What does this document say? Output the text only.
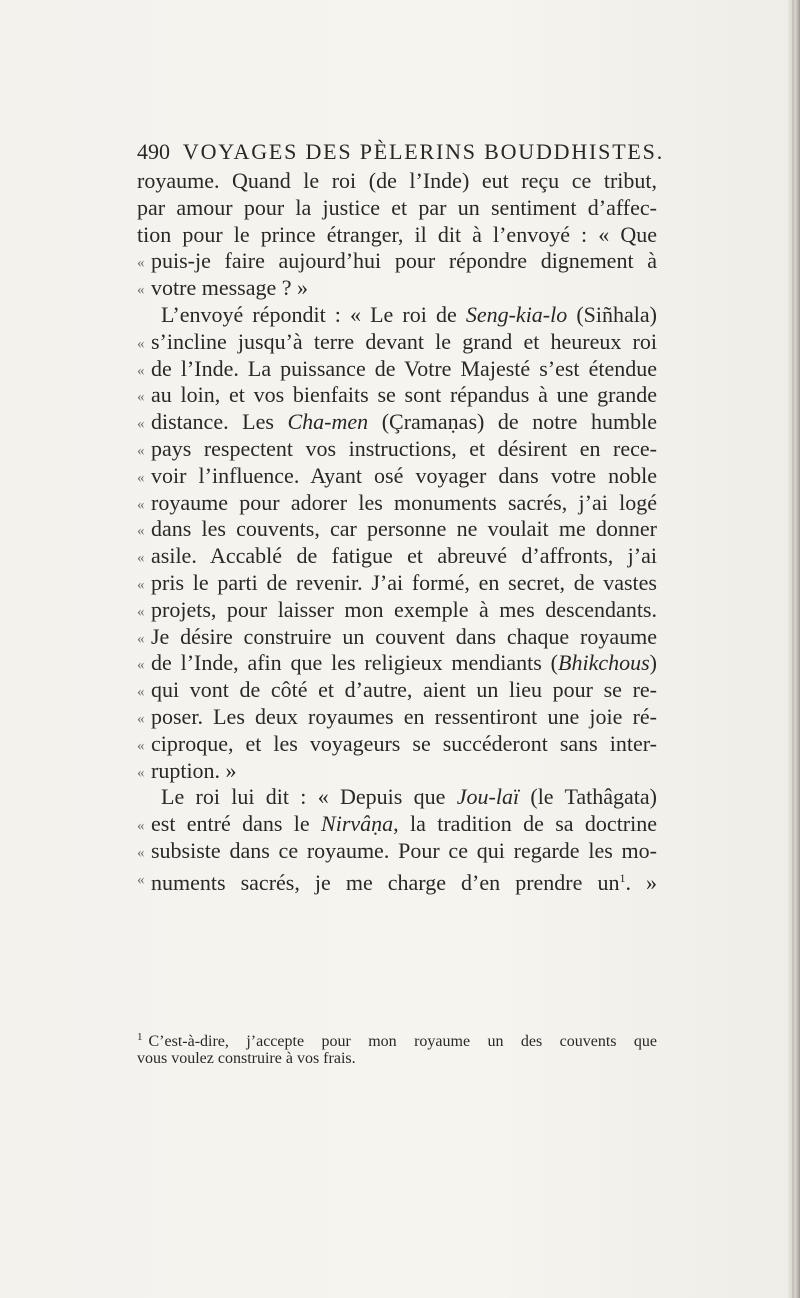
490 VOYAGES DES PÈLERINS BOUDDHISTES.
royaume. Quand le roi (de l’Inde) eut reçu ce tribut,
par amour pour la justice et par un sentiment d’affec-
tion pour le prince étranger, il dit à l’envoyé : « Que
« puis-je faire aujourd’hui pour répondre dignement à
« votre message ? »
L’envoyé répondit : « Le roi de Seng-kia-lo (Siñhala)
« s’incline jusqu’à terre devant le grand et heureux roi
« de l’Inde. La puissance de Votre Majesté s’est étendue
« au loin, et vos bienfaits se sont répandus à une grande
« distance. Les Cha-men (Çramaṇas) de notre humble
« pays respectent vos instructions, et désirent en rece-
« voir l’influence. Ayant osé voyager dans votre noble
« royaume pour adorer les monuments sacrés, j’ai logé
« dans les couvents, car personne ne voulait me donner
« asile. Accablé de fatigue et abreuvé d’affronts, j’ai
« pris le parti de revenir. J’ai formé, en secret, de vastes
« projets, pour laisser mon exemple à mes descendants.
« Je désire construire un couvent dans chaque royaume
« de l’Inde, afin que les religieux mendiants (Bhikchous)
« qui vont de côté et d’autre, aient un lieu pour se re-
« poser. Les deux royaumes en ressentiront une joie ré-
« ciproque, et les voyageurs se succéderont sans inter-
« ruption. »
Le roi lui dit : « Depuis que Jou-laï (le Tathâgata)
« est entré dans le Nirvâṇa, la tradition de sa doctrine
« subsiste dans ce royaume. Pour ce qui regarde les mo-
« numents sacrés, je me charge d’en prendre $un^1$. »
$^1$ C’est-à-dire, j’accepte pour mon royaume un des couvents que
vous voulez construire à vos frais.
